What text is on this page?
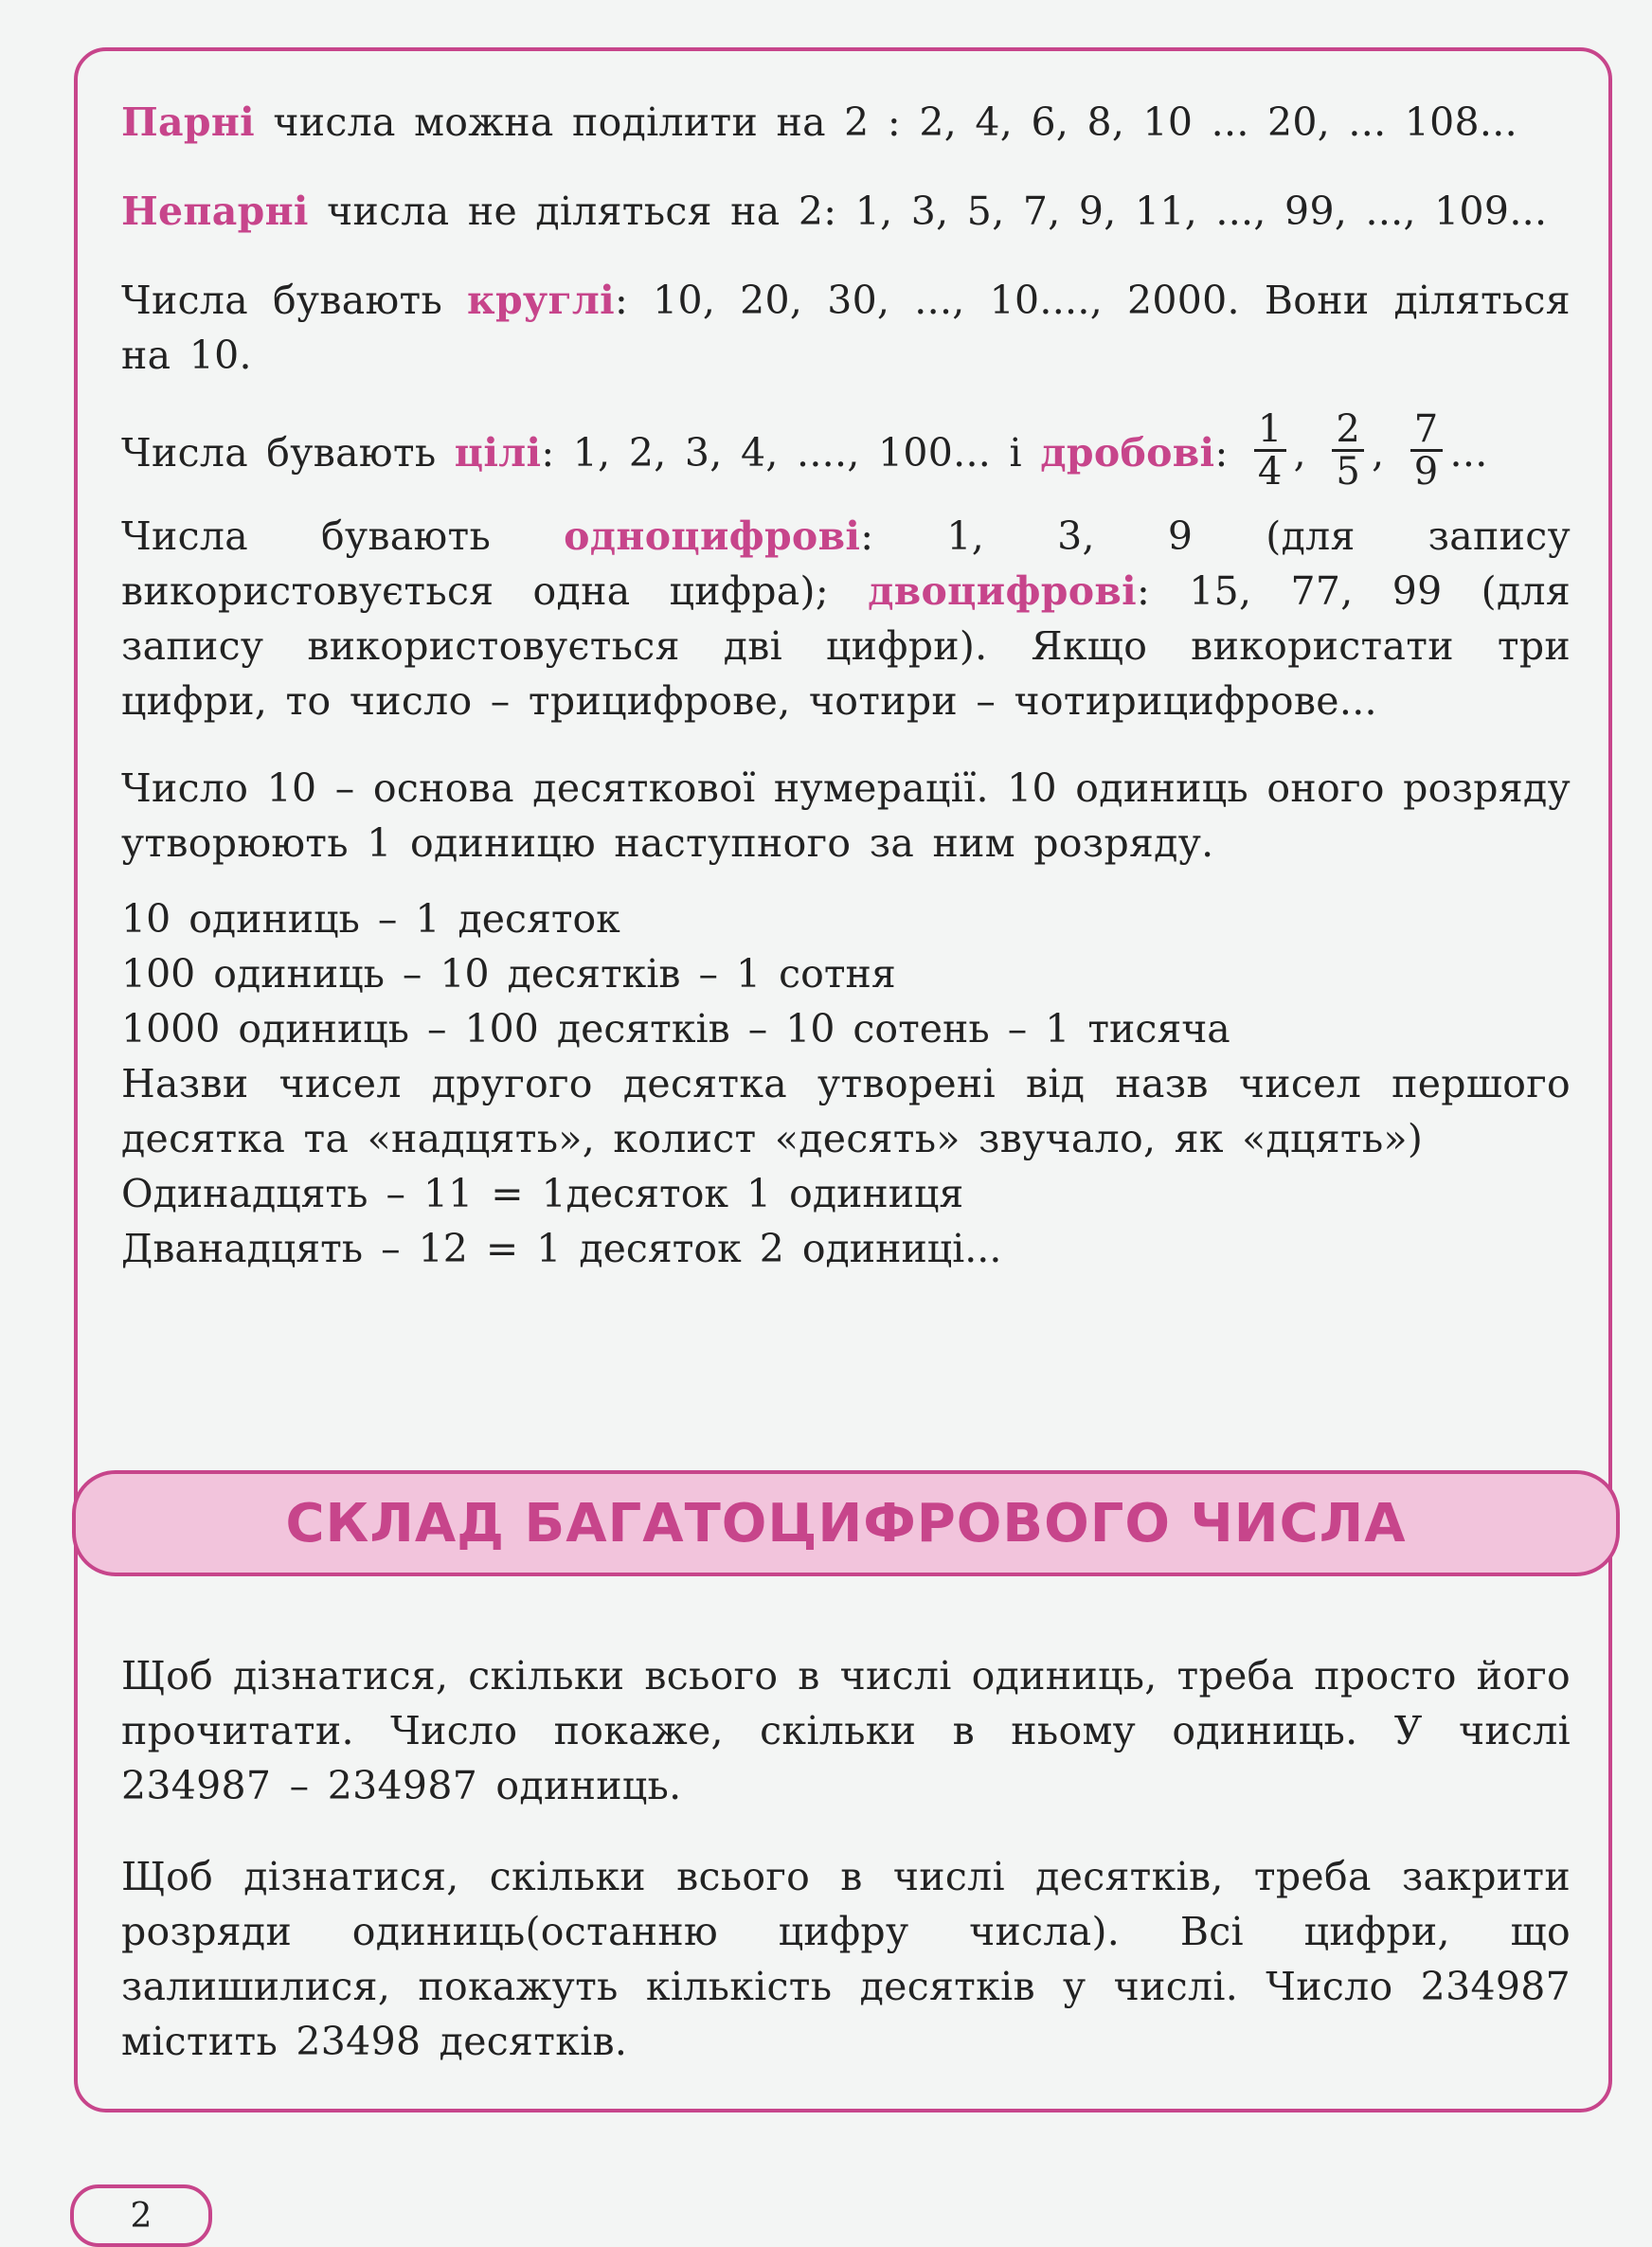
Парні числа можна поділити на 2 : 2, 4, 6, 8, 10 ... 20, ... 108...

Непарні числа не діляться на 2: 1, 3, 5, 7, 9, 11, ..., 99, ..., 109...

Числа бувають круглі: 10, 20, 30, ..., 10...., 2000. Вони діляться на 10.

Числа бувають цілі: 1, 2, 3, 4, ...., 100... і дробові: $\frac{1}{4}$ , $\frac{2}{5}$ , $\frac{7}{9}$ ...

Числа бувають одноцифрові: 1, 3, 9 (для запису використовується одна цифра); двоцифрові: 15, 77, 99 (для запису використовується дві цифри). Якщо використати три цифри, то число – трицифрове, чотири – чотирицифрове...

Число 10 – основа десяткової нумерації. 10 одиниць оного розряду утворюють 1 одиницю наступного за ним розряду.

10 одиниць – 1 десяток

100 одиниць – 10 десятків – 1 сотня

1000 одиниць – 100 десятків – 10 сотень – 1 тисяча

Назви чисел другого десятка утворені від назв чисел першого десятка та «надцять», колист «десять» звучало, як «дцять»)

Одинадцять – 11 = 1десяток 1 одиниця

Дванадцять – 12 = 1 десяток 2 одиниці...

СКЛАД БАГАТОЦИФРОВОГО ЧИСЛА

Щоб дізнатися, скільки всього в числі одиниць, треба просто його прочитати. Число покаже, скільки в ньому одиниць. У числі 234987 – 234987 одиниць.

Щоб дізнатися, скільки всього в числі десятків, треба закрити розряди одиниць(останню цифру числа). Всі цифри, що залишилися, покажуть кількість десятків у числі. Число 234987 містить 23498 десятків.

2
